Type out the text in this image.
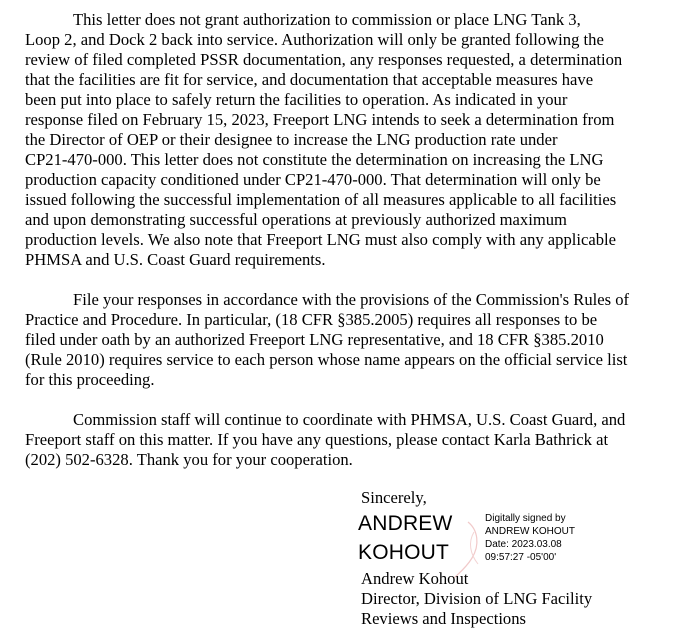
This letter does not grant authorization to commission or place LNG Tank 3,
Loop 2, and Dock 2 back into service. Authorization will only be granted following the
review of filed completed PSSR documentation, any responses requested, a determination
that the facilities are fit for service, and documentation that acceptable measures have
been put into place to safely return the facilities to operation. As indicated in your
response filed on February 15, 2023, Freeport LNG intends to seek a determination from
the Director of OEP or their designee to increase the LNG production rate under
CP21-470-000. This letter does not constitute the determination on increasing the LNG
production capacity conditioned under CP21-470-000. That determination will only be
issued following the successful implementation of all measures applicable to all facilities
and upon demonstrating successful operations at previously authorized maximum
production levels. We also note that Freeport LNG must also comply with any applicable
PHMSA and U.S. Coast Guard requirements.
File your responses in accordance with the provisions of the Commission's Rules of
Practice and Procedure. In particular, (18 CFR §385.2005) requires all responses to be
filed under oath by an authorized Freeport LNG representative, and 18 CFR §385.2010
(Rule 2010) requires service to each person whose name appears on the official service list
for this proceeding.
Commission staff will continue to coordinate with PHMSA, U.S. Coast Guard, and
Freeport staff on this matter. If you have any questions, please contact Karla Bathrick at
(202) 502-6328. Thank you for your cooperation.
Sincerely,
ANDREW
KOHOUT
Digitally signed by
ANDREW KOHOUT
Date: 2023.03.08
09:57:27 -05'00'
Andrew Kohout
Director, Division of LNG Facility
Reviews and Inspections
